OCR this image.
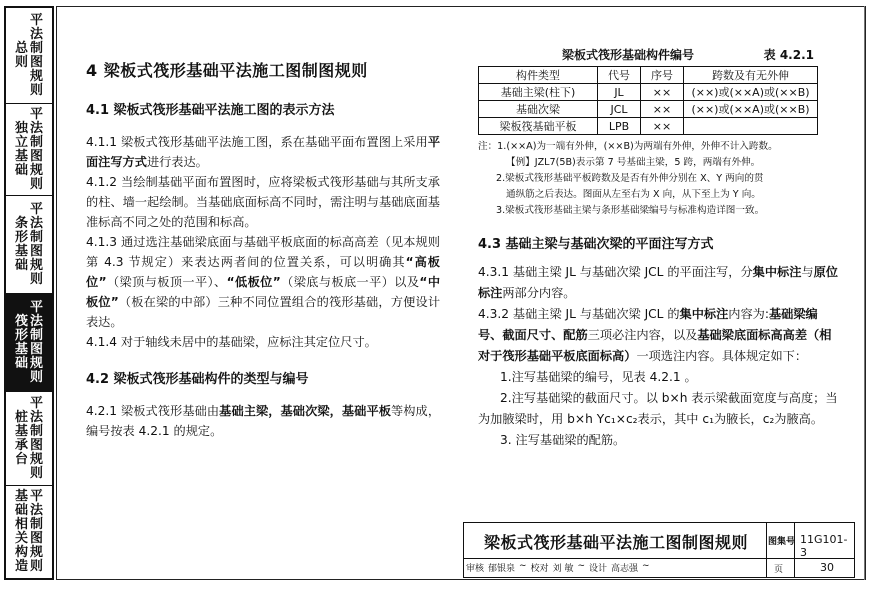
总
则
平
法
制
图
规
则
独
立
基
础
平
法
制
图
规
则
条
形
基
础
平
法
制
图
规
则
筏
形
基
础
平
法
制
图
规
则
桩
基
承
台
平
法
制
图
规
则
基
础
相
关
构
造
平
法
制
图
规
则
4 梁板式筏形基础平法施工图制图规则
4.1 梁板式筏形基础平法施工图的表示方法

4.1.1 梁板式筏形基础平法施工图，系在基础平面布置图上采用平面注写方式进行表达。

4.1.2 当绘制基础平面布置图时，应将梁板式筏形基础与其所支承的柱、墙一起绘制。当基础底面标高不同时，需注明与基础底面基准标高不同之处的范围和标高。

4.1.3 通过选注基础梁底面与基础平板底面的标高高差（见本规则第 4.3 节规定）来表达两者间的位置关系，可以明确其“高板位”（梁顶与板顶一平）、“低板位”（梁底与板底一平）以及“中板位”（板在梁的中部）三种不同位置组合的筏形基础，方便设计表达。

4.1.4 对于轴线未居中的基础梁，应标注其定位尺寸。

4.2 梁板式筏形基础构件的类型与编号

4.2.1 梁板式筏形基础由基础主梁，基础次梁，基础平板等构成，编号按表 4.2.1 的规定。

梁板式筏形基础构件编号	表 4.2.1
构件类型	代号	序号	跨数及有无外伸
基础主梁(柱下)	JL	××	(××)或(××A)或(××B)
基础次梁	JCL	××	(××)或(××A)或(××B)
梁板筏基础平板	LPB	××	
注：1.(××A)为一端有外伸，(××B)为两端有外伸，外伸不计入跨数。
【例】JZL7(5B)表示第 7 号基础主梁，5 跨，两端有外伸。
2.梁板式筏形基础平板跨数及是否有外伸分别在 X、Y 两向的贯
通纵筋之后表达。图面从左至右为 X 向，从下至上为 Y 向。
3.梁板式筏形基础主梁与条形基础梁编号与标准构造详图一致。
4.3 基础主梁与基础次梁的平面注写方式

4.3.1 基础主梁 JL 与基础次梁 JCL 的平面注写，分集中标注与原位标注两部分内容。

4.3.2 基础主梁 JL 与基础次梁 JCL 的集中标注内容为:基础梁编号、截面尺寸、配筋三项必注内容，以及基础梁底面标高高差（相对于筏形基础平板底面标高）一项选注内容。具体规定如下：

1.注写基础梁的编号，见表 4.2.1 。

2.注写基础梁的截面尺寸。以 b×h 表示梁截面宽度与高度；当为加腋梁时，用 b×h Yc₁×c₂表示，其中 c₁为腋长，c₂为腋高。

3. 注写基础梁的配筋。

梁板式筏形基础平法施工图制图规则	图集号 11G101-3
页	30
审核 郁银泉 ~ 校对 刘 敏 ~ 设计 高志强 ~
